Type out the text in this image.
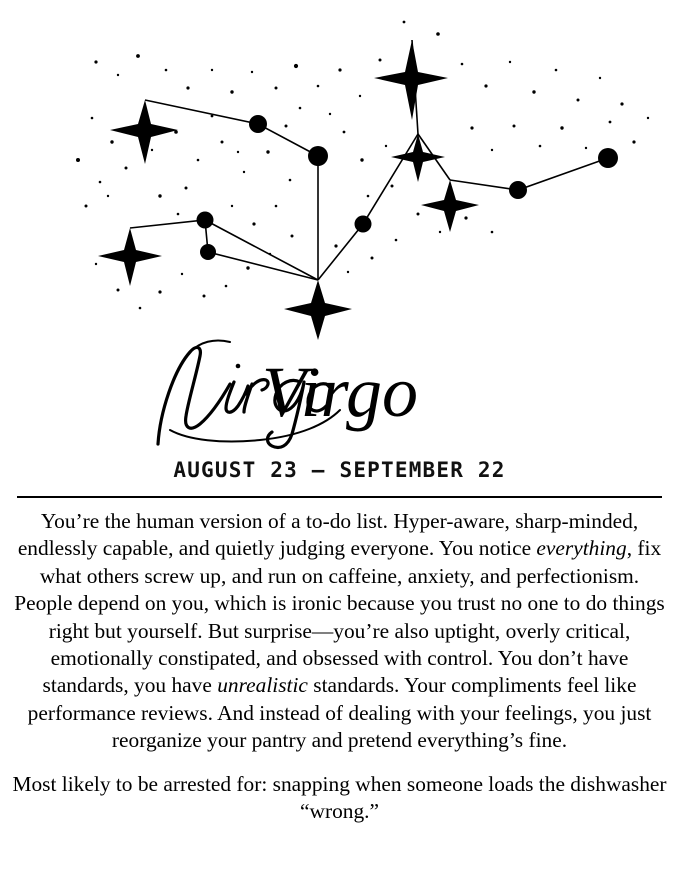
Virgo
AUGUST 23 – SEPTEMBER 22

You’re the human version of a to-do list. Hyper-aware, sharp-minded, endlessly capable, and quietly judging everyone. You notice everything, fix what others screw up, and run on caffeine, anxiety, and perfectionism. People depend on you, which is ironic because you trust no one to do things right but yourself. But surprise—you’re also uptight, overly critical, emotionally constipated, and obsessed with control. You don’t have standards, you have unrealistic standards. Your compliments feel like performance reviews. And instead of dealing with your feelings, you just reorganize your pantry and pretend everything’s fine.

Most likely to be arrested for: snapping when someone loads the dishwasher “wrong.”
